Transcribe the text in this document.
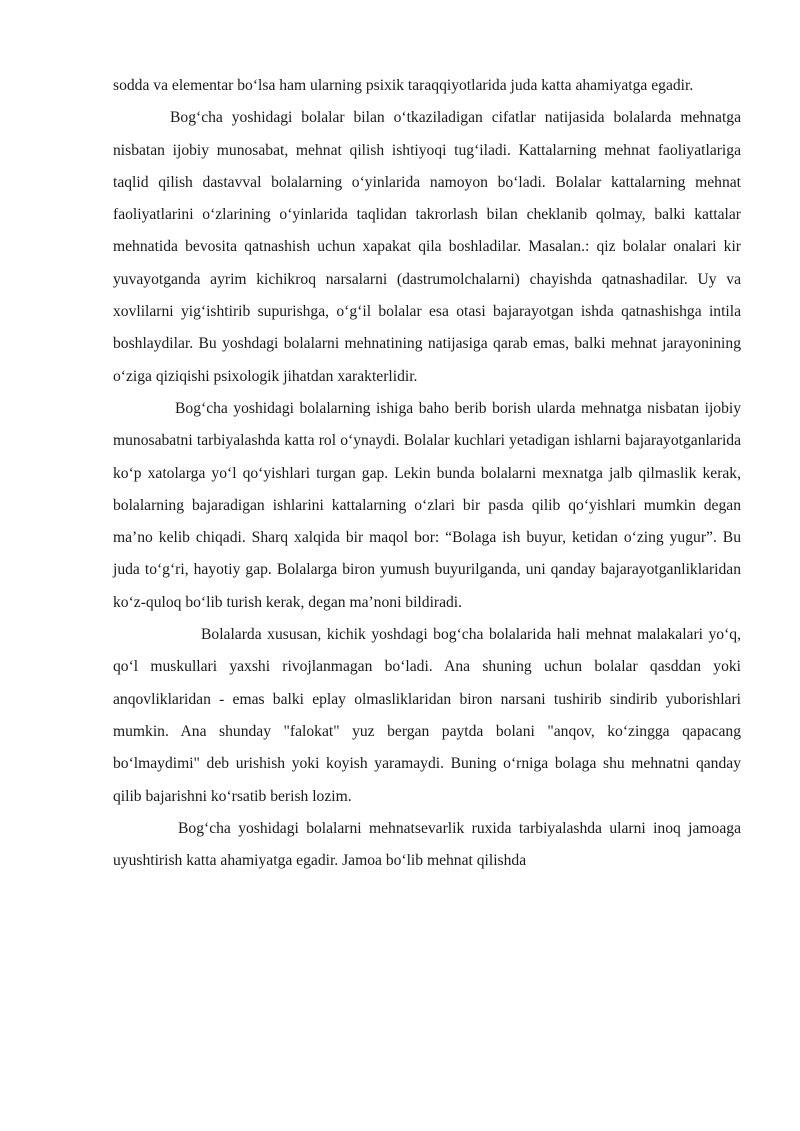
sodda va elementar bo‘lsa ham ularning psixik taraqqiyotlarida juda katta ahamiyatga egadir.

Bog‘cha yoshidagi bolalar bilan o‘tkaziladigan cifatlar natijasida bolalarda mehnatga nisbatan ijobiy munosabat, mehnat qilish ishtiyoqi tug‘iladi. Kattalarning mehnat faoliyatlariga taqlid qilish dastavval bolalarning o‘yinlarida namoyon bo‘ladi. Bolalar kattalarning mehnat faoliyatlarini o‘zlarining o‘yinlarida taqlidan takrorlash bilan cheklanib qolmay, balki kattalar mehnatida bevosita qatnashish uchun xapakat qila boshladilar. Masalan.: qiz bolalar onalari kir yuvayotganda ayrim kichikroq narsalarni (dastrumolchalarni) chayishda qatnashadilar. Uy va xovlilarni yig‘ishtirib supurishga, o‘g‘il bolalar esa otasi bajarayotgan ishda qatnashishga intila boshlaydilar. Bu yoshdagi bolalarni mehnatining natijasiga qarab emas, balki mehnat jarayonining o‘ziga qiziqishi psixologik jihatdan xarakterlidir.

Bog‘cha yoshidagi bolalarning ishiga baho berib borish ularda mehnatga nisbatan ijobiy munosabatni tarbiyalashda katta rol o‘ynaydi. Bolalar kuchlari yetadigan ishlarni bajarayotganlarida ko‘p xatolarga yo‘l qo‘yishlari turgan gap. Lekin bunda bolalarni mexnatga jalb qilmaslik kerak, bolalarning bajaradigan ishlarini kattalarning o‘zlari bir pasda qilib qo‘yishlari mumkin degan ma’no kelib chiqadi. Sharq xalqida bir maqol bor: “Bolaga ish buyur, ketidan o‘zing yugur”. Bu juda to‘g‘ri, hayotiy gap. Bolalarga biron yumush buyurilganda, uni qanday bajarayotganliklaridan ko‘z-quloq bo‘lib turish kerak, degan ma’noni bildiradi.

Bolalarda xususan, kichik yoshdagi bog‘cha bolalarida hali mehnat malakalari yo‘q, qo‘l muskullari yaxshi rivojlanmagan bo‘ladi. Ana shuning uchun bolalar qasddan yoki anqovliklaridan - emas balki eplay olmasliklaridan biron narsani tushirib sindirib yuborishlari mumkin. Ana shunday "falokat" yuz bergan paytda bolani "anqov, ko‘zingga qapacang bo‘lmaydimi" deb urishish yoki koyish yaramaydi. Buning o‘rniga bolaga shu mehnatni qanday qilib bajarishni ko‘rsatib berish lozim.

Bog‘cha yoshidagi bolalarni mehnatsevarlik ruxida tarbiyalashda ularni inoq jamoaga uyushtirish katta ahamiyatga egadir. Jamoa bo‘lib mehnat qilishda
